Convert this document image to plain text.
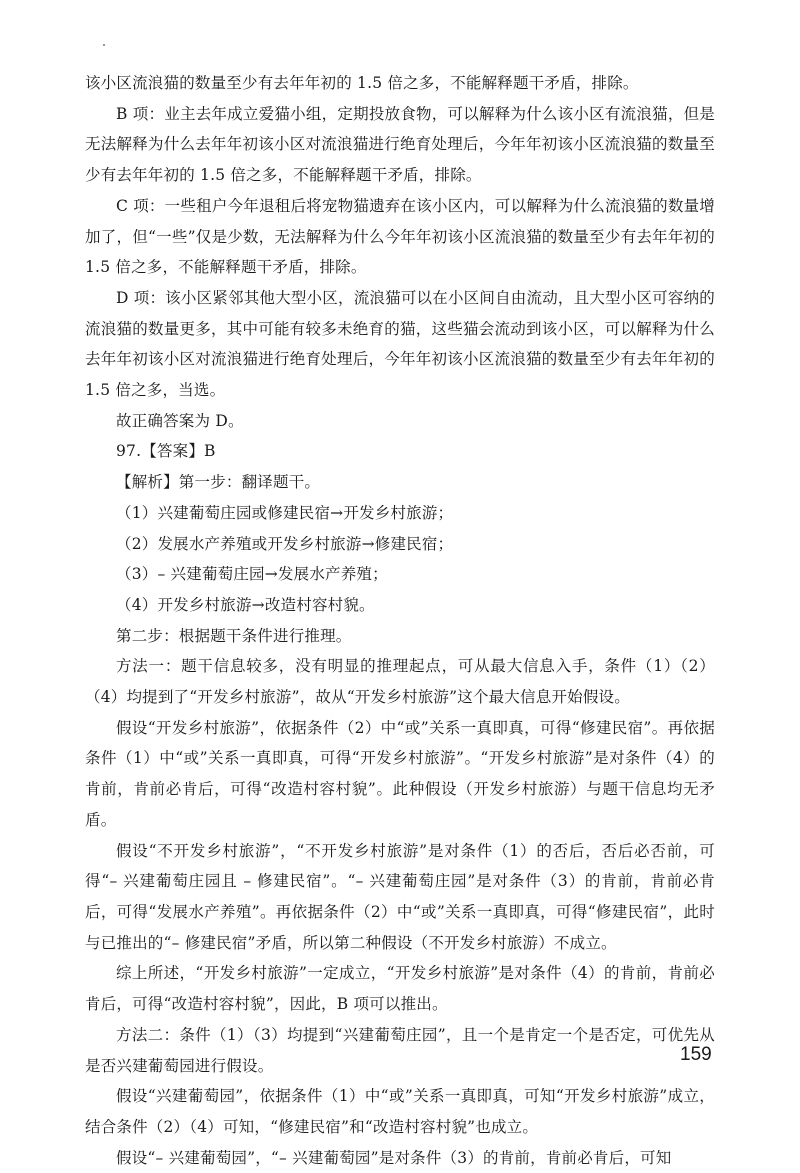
该小区流浪猫的数量至少有去年年初的 1.5 倍之多，不能解释题干矛盾，排除。

B 项：业主去年成立爱猫小组，定期投放食物，可以解释为什么该小区有流浪猫，但是无法解释为什么去年年初该小区对流浪猫进行绝育处理后，今年年初该小区流浪猫的数量至少有去年年初的 1.5 倍之多，不能解释题干矛盾，排除。

C 项：一些租户今年退租后将宠物猫遗弃在该小区内，可以解释为什么流浪猫的数量增加了，但“一些”仅是少数，无法解释为什么今年年初该小区流浪猫的数量至少有去年年初的 1.5 倍之多，不能解释题干矛盾，排除。

D 项：该小区紧邻其他大型小区，流浪猫可以在小区间自由流动，且大型小区可容纳的流浪猫的数量更多，其中可能有较多未绝育的猫，这些猫会流动到该小区，可以解释为什么去年年初该小区对流浪猫进行绝育处理后，今年年初该小区流浪猫的数量至少有去年年初的 1.5 倍之多，当选。

故正确答案为 D。

97.【答案】B

【解析】第一步：翻译题干。

（1）兴建葡萄庄园或修建民宿→开发乡村旅游；

（2）发展水产养殖或开发乡村旅游→修建民宿；

（3）– 兴建葡萄庄园→发展水产养殖；

（4）开发乡村旅游→改造村容村貌。

第二步：根据题干条件进行推理。

方法一：题干信息较多，没有明显的推理起点，可从最大信息入手，条件（1）（2）（4）均提到了“开发乡村旅游”，故从“开发乡村旅游”这个最大信息开始假设。

假设“开发乡村旅游”，依据条件（2）中“或”关系一真即真，可得“修建民宿”。再依据条件（1）中“或”关系一真即真，可得“开发乡村旅游”。“开发乡村旅游”是对条件（4）的肯前，肯前必肯后，可得“改造村容村貌”。此种假设（开发乡村旅游）与题干信息均无矛盾。

假设“不开发乡村旅游”，“不开发乡村旅游”是对条件（1）的否后，否后必否前，可得“– 兴建葡萄庄园且 – 修建民宿”。“– 兴建葡萄庄园”是对条件（3）的肯前，肯前必肯后，可得“发展水产养殖”。再依据条件（2）中“或”关系一真即真，可得“修建民宿”，此时与已推出的“– 修建民宿”矛盾，所以第二种假设（不开发乡村旅游）不成立。

综上所述，“开发乡村旅游”一定成立，“开发乡村旅游”是对条件（4）的肯前，肯前必肯后，可得“改造村容村貌”，因此，B 项可以推出。

方法二：条件（1）（3）均提到“兴建葡萄庄园”，且一个是肯定一个是否定，可优先从是否兴建葡萄园进行假设。

假设“兴建葡萄园”，依据条件（1）中“或”关系一真即真，可知“开发乡村旅游”成立，结合条件（2）（4）可知，“修建民宿”和“改造村容村貌”也成立。

假设“– 兴建葡萄园”，“– 兴建葡萄园”是对条件（3）的肯前，肯前必肯后，可知

159
